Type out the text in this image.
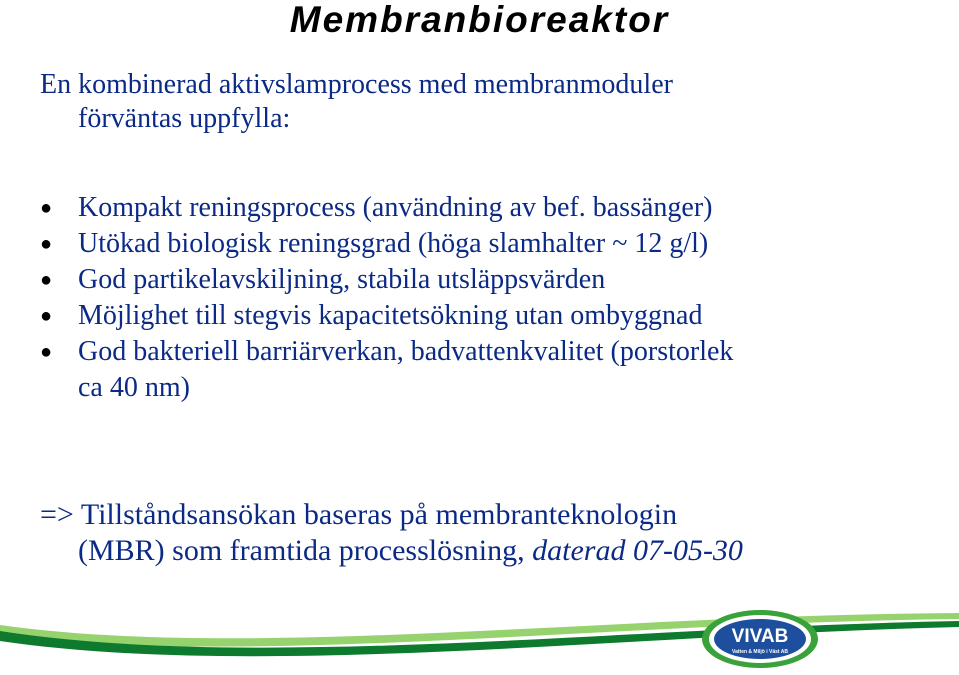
Membranbioreaktor
En kombinerad aktivslamprocess med membranmoduler
förväntas uppfylla:
● Kompakt reningsprocess (användning av bef. bassänger)
● Utökad biologisk reningsgrad (höga slamhalter ~ 12 g/l)
● God partikelavskiljning, stabila utsläppsvärden
● Möjlighet till stegvis kapacitetsökning utan ombyggnad
● God bakteriell barriärverkan, badvattenkvalitet (porstorlek
ca 40 nm)
=> Tillståndsansökan baseras på membranteknologin
(MBR) som framtida processlösning, daterad 07-05-30
VIVAB
Vatten & Miljö i Väst AB
